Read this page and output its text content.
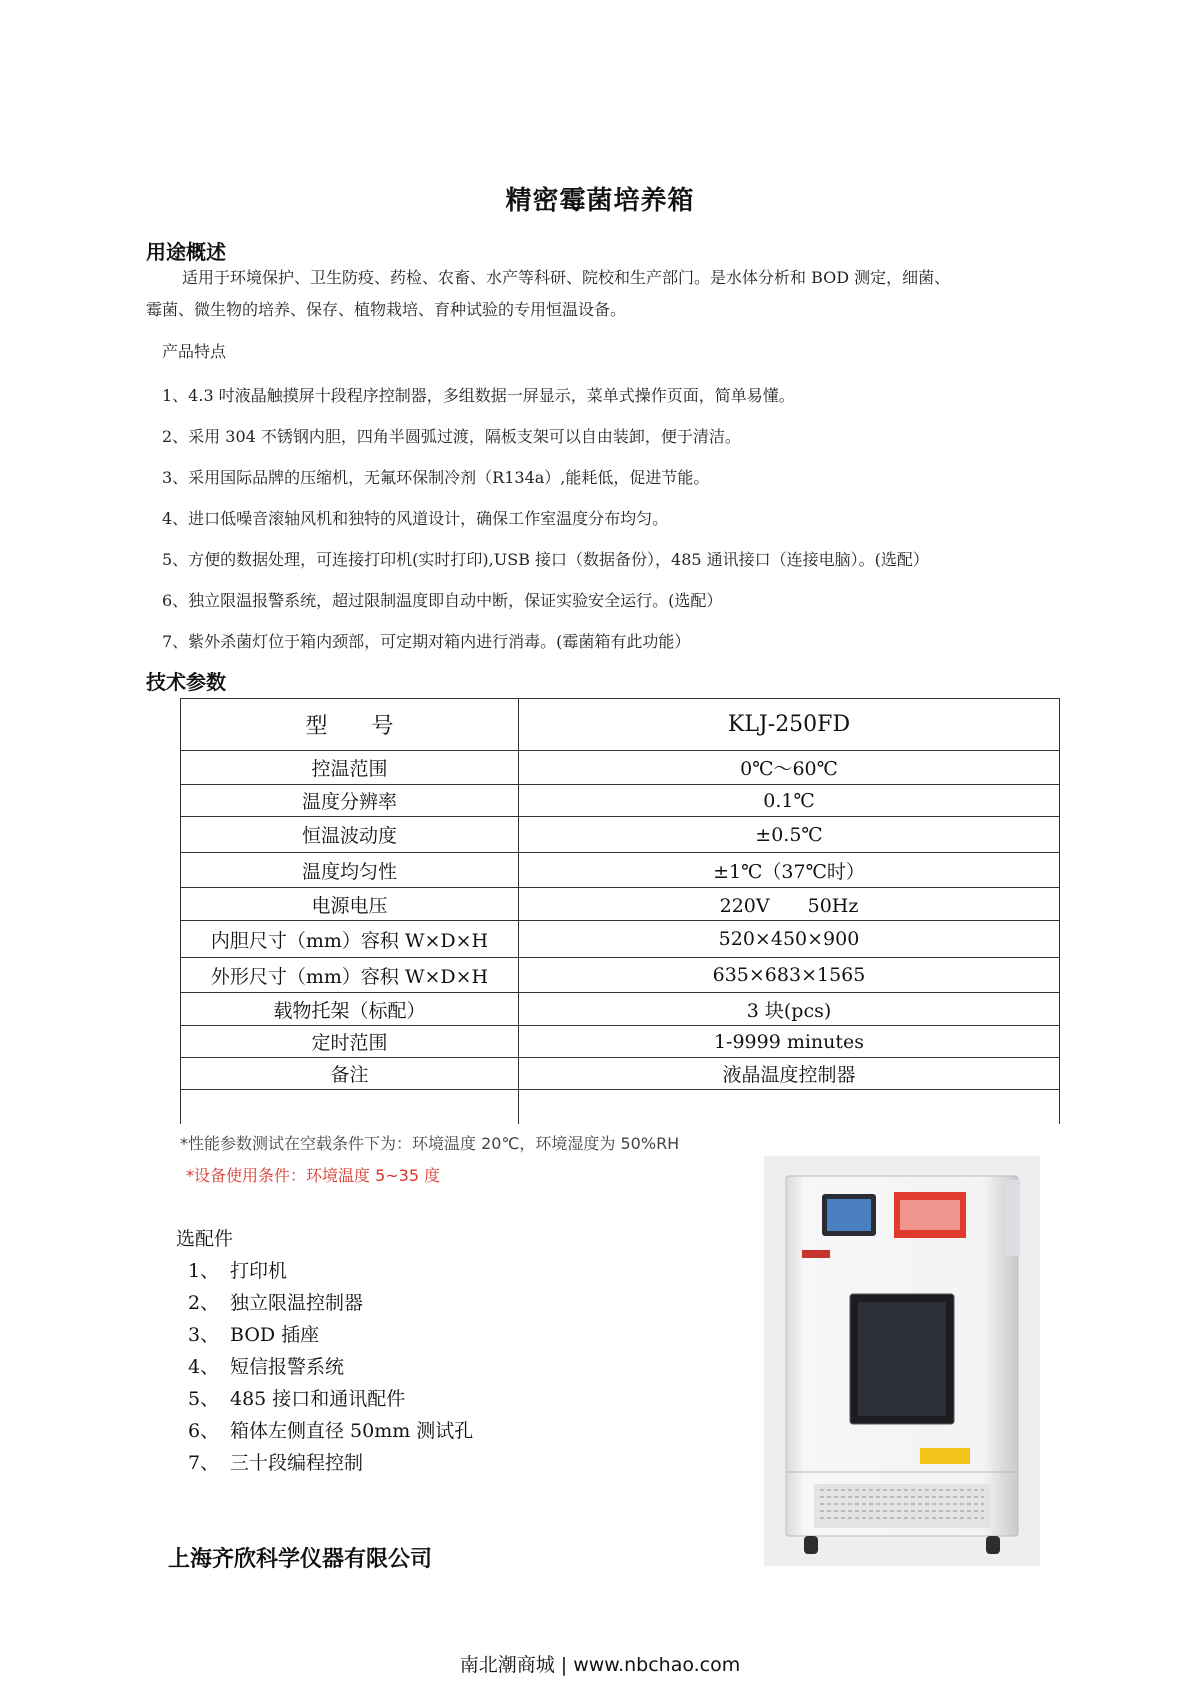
精密霉菌培养箱
用途概述
适用于环境保护、卫生防疫、药检、农畜、水产等科研、院校和生产部门。是水体分析和 BOD 测定，细菌、
霉菌、微生物的培养、保存、植物栽培、育种试验的专用恒温设备。
产品特点
1、4.3 吋液晶触摸屏十段程序控制器，多组数据一屏显示，菜单式操作页面，简单易懂。
2、采用 304 不锈钢内胆，四角半圆弧过渡，隔板支架可以自由装卸，便于清洁。
3、采用国际品牌的压缩机，无氟环保制冷剂（R134a）,能耗低，促进节能。
4、进口低噪音滚轴风机和独特的风道设计，确保工作室温度分布均匀。
5、方便的数据处理，可连接打印机(实时打印),USB 接口（数据备份），485 通讯接口（连接电脑）。(选配）
6、独立限温报警系统，超过限制温度即自动中断，保证实验安全运行。(选配）
7、紫外杀菌灯位于箱内颈部，可定期对箱内进行消毒。(霉菌箱有此功能）
技术参数
型　　号	KLJ-250FD
控温范围	0℃～60℃
温度分辨率	0.1℃
恒温波动度	±0.5℃
温度均匀性	±1℃（37℃时）
电源电压	220V　　50Hz
内胆尺寸（mm）容积 W×D×H	520×450×900
外形尺寸（mm）容积 W×D×H	635×683×1565
载物托架（标配）	3 块(pcs)
定时范围	1-9999 minutes
备注	液晶温度控制器

*性能参数测试在空载条件下为：环境温度 20℃，环境湿度为 50%RH
*设备使用条件：环境温度 5~35 度
选配件
1、 打印机
2、 独立限温控制器
3、 BOD 插座
4、 短信报警系统
5、 485 接口和通讯配件
6、 箱体左侧直径 50mm 测试孔
7、 三十段编程控制
上海齐欣科学仪器有限公司
南北潮商城 | www.nbchao.com
